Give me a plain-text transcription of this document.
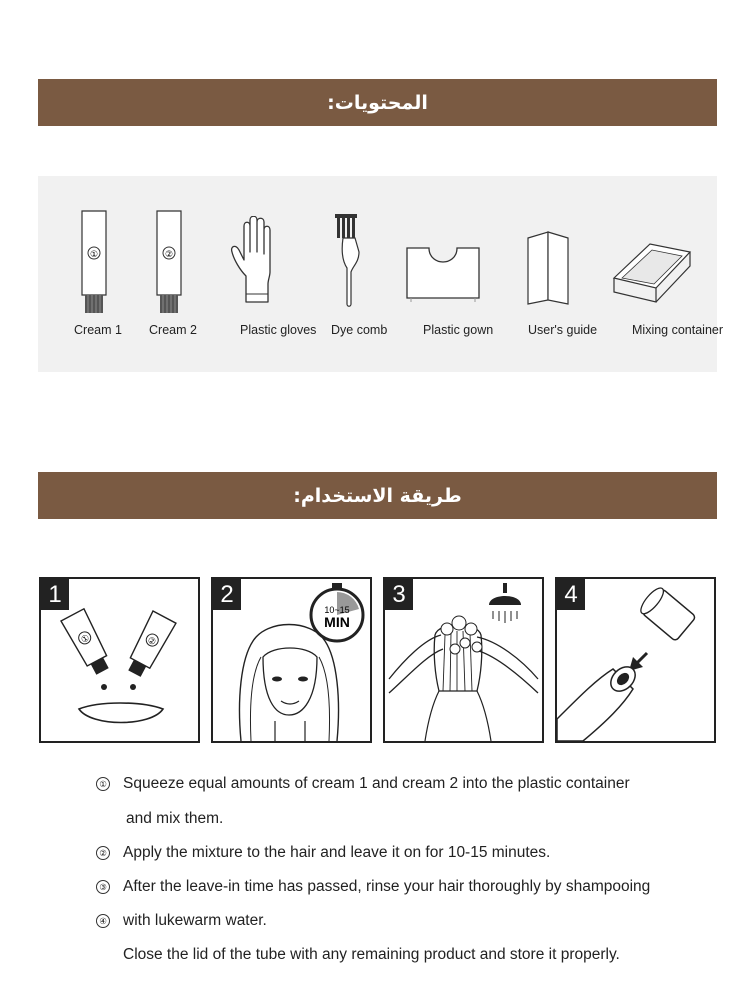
المحتويات:
①
Cream 1
②
Cream 2	Plastic gloves Dye comb	Plastic gown	User's guide	Mixing container
طريقة الاستخدام:
1
①	②
2
10~15
MIN
3	4
① Squeeze equal amounts of cream 1 and cream 2 into the plastic container
and mix them.
② Apply the mixture to the hair and leave it on for 10-15 minutes.
③ After the leave-in time has passed, rinse your hair thoroughly by shampooing
④ with lukewarm water.
Close the lid of the tube with any remaining product and store it properly.
